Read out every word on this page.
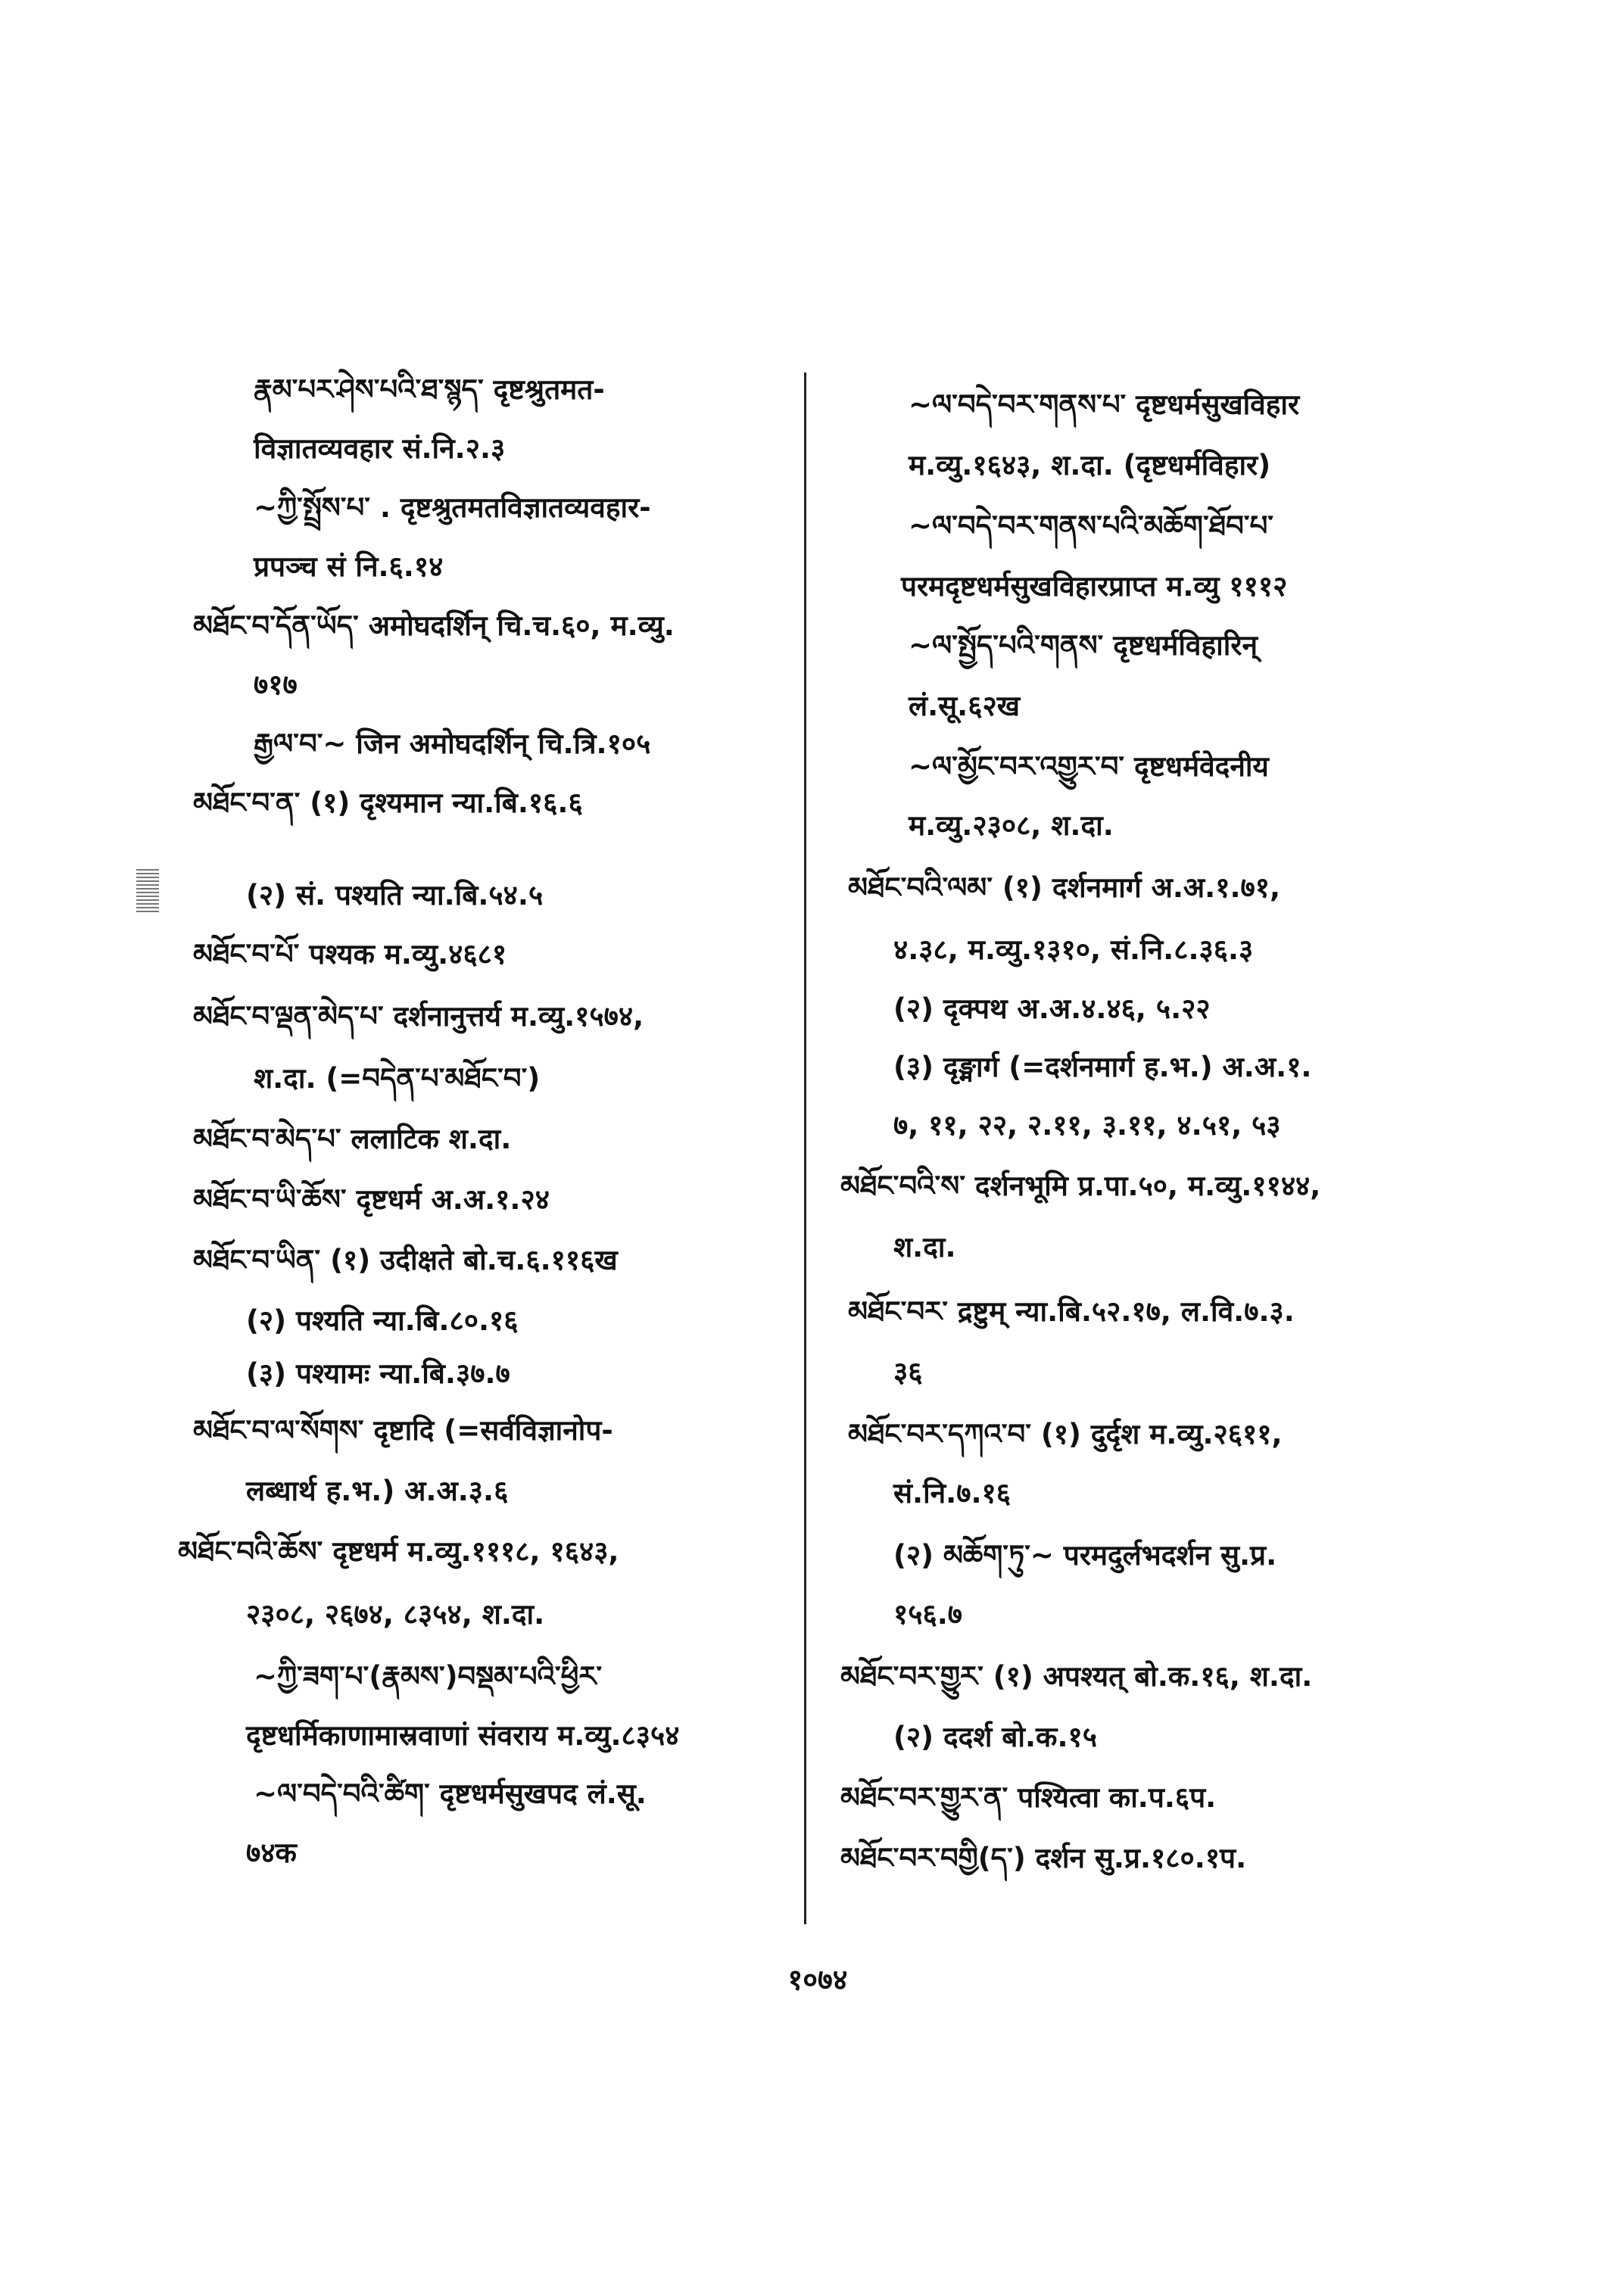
རྣམ་པར་ཤེས་པའི་ཐ་སྙད་ दृष्टश्रुतमत-
विज्ञातव्यवहार सं.नि.२.३
~ཀྱི་སྤྲོས་པ་ . दृष्टश्रुतमतविज्ञातव्यवहार-
प्रपञ्च सं नि.६.१४
མཐོང་བ་དོན་ཡོད་ अमोघदर्शिन् चि.च.६०, म.व्यु.
७१७
རྒྱལ་བ་~ जिन अमोघदर्शिन् चि.त्रि.१०५
མཐོང་བ་ན་ (१) दृश्यमान न्या.बि.१६.६
(२) सं. पश्यति न्या.बि.५४.५
མཐོང་བ་པོ་ पश्यक म.व्यु.४६८१
མཐོང་བ་ལྡན་མེད་པ་ दर्शनानुत्तर्य म.व्यु.१५७४,
श.दा. (=བདེན་པ་མཐོང་བ་)
མཐོང་བ་མེད་པ་ ललाटिक श.दा.
མཐོང་བ་ཡི་ཆོས་ दृष्टधर्म अ.अ.१.२४
མཐོང་བ་ཡིན་ (१) उदीक्षते बो.च.६.११६ख
(२) पश्यति न्या.बि.८०.१६
(३) पश्यामः न्या.बि.३७.७
མཐོང་བ་ལ་སོགས་ दृष्टादि (=सर्वविज्ञानोप-
लब्धार्थ ह.भ.) अ.अ.३.६
མཐོང་བའི་ཆོས་ दृष्टधर्म म.व्यु.१११८, १६४३,
२३०८, २६७४, ८३५४, श.दा.
~ཀྱི་ཟག་པ་(རྣམས་)བསྡམ་པའི་ཕྱིར་
दृष्टधर्मिकाणामास्रवाणां संवराय म.व्यु.८३५४
~ལ་བདེ་བའི་ཚིག་ दृष्टधर्मसुखपद लं.सू.
७४क
~ལ་བདེ་བར་གནས་པ་ दृष्टधर्मसुखविहार
म.व्यु.१६४३, श.दा. (दृष्टधर्मविहार)
~ལ་བདེ་བར་གནས་པའི་མཆོག་ཐོབ་པ་
परमदृष्टधर्मसुखविहारप्राप्त म.व्यु १११२
~ལ་སྤྱོད་པའི་གནས་ दृष्टधर्मविहारिन्
लं.सू.६२ख
~ལ་མྱོང་བར་འགྱུར་བ་ दृष्टधर्मवेदनीय
म.व्यु.२३०८, श.दा.
མཐོང་བའི་ལམ་ (१) दर्शनमार्ग अ.अ.१.७१,
४.३८, म.व्यु.१३१०, सं.नि.८.३६.३
(२) दृक्पथ अ.अ.४.४६, ५.२२
(३) दृङ्मार्ग (=दर्शनमार्ग ह.भ.) अ.अ.१.
७, ११, २२, २.११, ३.११, ४.५१, ५३
མཐོང་བའི་ས་ दर्शनभूमि प्र.पा.५०, म.व्यु.११४४,
श.दा.
མཐོང་བར་ द्रष्टुम् न्या.बि.५२.१७, ल.वि.७.३.
३६
མཐོང་བར་དཀའ་བ་ (१) दुर्दृश म.व्यु.२६११,
सं.नि.७.१६
(२) མཆོག་ཏུ་~ परमदुर्लभदर्शन सु.प्र.
१५६.७
མཐོང་བར་གྱུར་ (१) अपश्यत् बो.क.१६, श.दा.
(२) ददर्श बो.क.१५
མཐོང་བར་གྱུར་ན་ पश्यित्वा का.प.६प.
མཐོང་བར་བགྱི(ད་) दर्शन सु.प्र.१८०.१प.
१०७४
